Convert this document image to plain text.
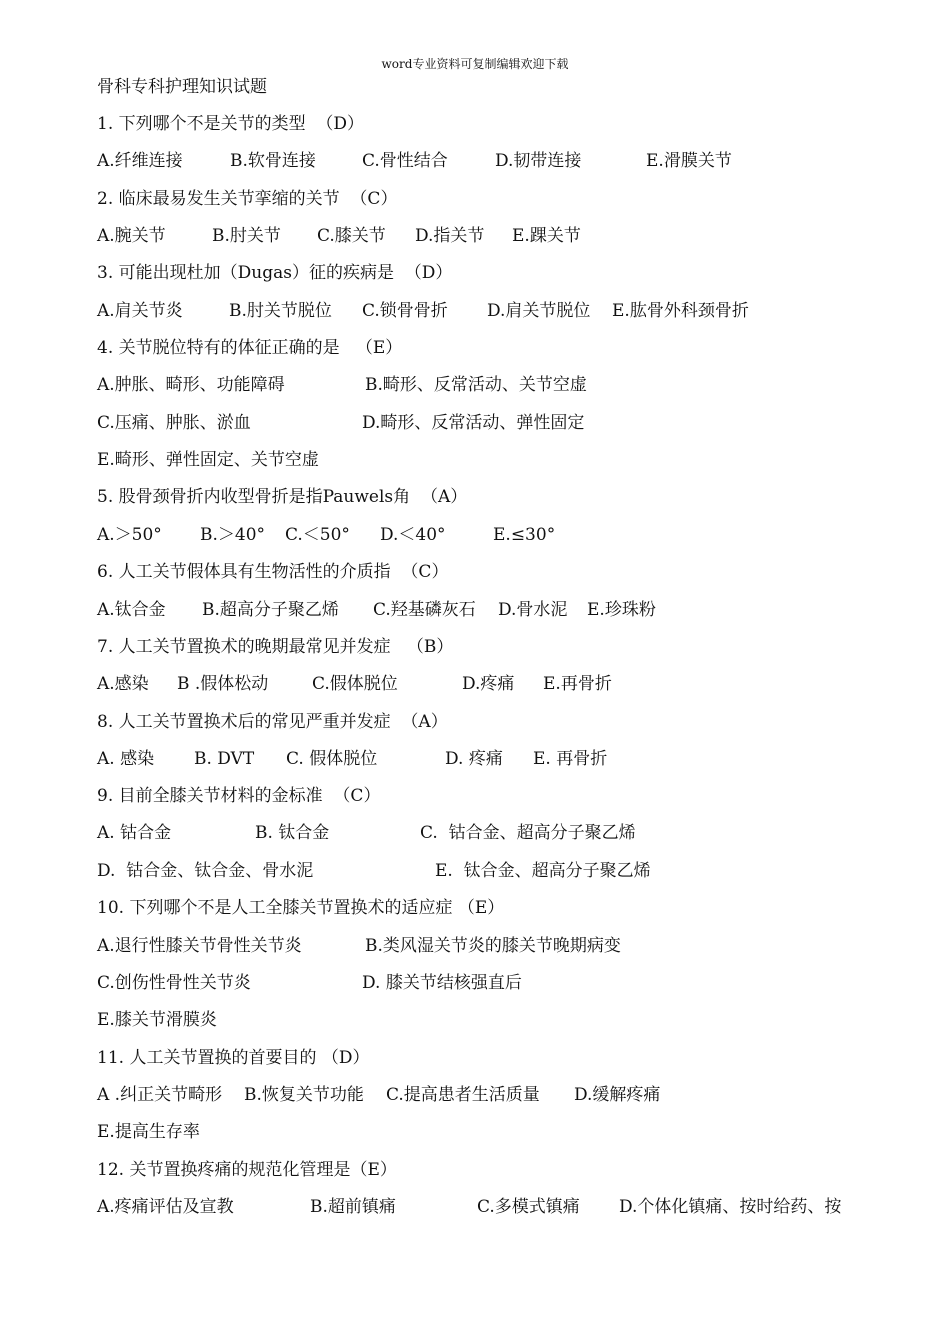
word专业资料可复制编辑欢迎下载
骨科专科护理知识试题
1. 下列哪个不是关节的类型  （D）

A.纤维连接

	B.软骨连接

	C.骨性结合

	D.韧带连接

	E.滑膜关节

2. 临床最易发生关节挛缩的关节  （C）

A.腕关节

	B.肘关节

C.膝关节

D.指关节

E.踝关节

3. 可能出现杜加（Dugas）征的疾病是  （D）

A.肩关节炎

	B.肘关节脱位

C.锁骨骨折

D.肩关节脱位

E.肱骨外科颈骨折

4. 关节脱位特有的体征正确的是   （E）

A.肿胀、畸形、功能障碍

	B.畸形、反常活动、关节空虚

C.压痛、肿胀、淤血

	D.畸形、反常活动、弹性固定

E.畸形、弹性固定、关节空虚
5. 股骨颈骨折内收型骨折是指Pauwels角  （A）

A.＞50°

B.＞40°

C.＜50°

D.＜40°

	E.≤30°

6. 人工关节假体具有生物活性的介质指  （C）

A.钛合金

B.超高分子聚乙烯

C.羟基磷灰石

D.骨水泥

E.珍珠粉

7. 人工关节置换术的晚期最常见并发症   （B）

A.感染

B .假体松动

	C.假体脱位

	D.疼痛

E.再骨折

8. 人工关节置换术后的常见严重并发症  （A）

A. 感染

B. DVT

C. 假体脱位

	D. 疼痛

E. 再骨折

9. 目前全膝关节材料的金标准  （C）

A. 钴合金

	B. 钛合金

	C.  钴合金、超高分子聚乙烯

D.  钴合金、钛合金、骨水泥

	E.  钛合金、超高分子聚乙烯

10. 下列哪个不是人工全膝关节置换术的适应症 （E）

A.退行性膝关节骨性关节炎

	B.类风湿关节炎的膝关节晚期病变

C.创伤性骨性关节炎

	D. 膝关节结核强直后

E.膝关节滑膜炎
11. 人工关节置换的首要目的 （D）

A .纠正关节畸形

B.恢复关节功能

C.提高患者生活质量

D.缓解疼痛

E.提高生存率
12. 关节置换疼痛的规范化管理是（E）

A.疼痛评估及宣教

	B.超前镇痛

	C.多模式镇痛

D.个体化镇痛、按时给药、按
